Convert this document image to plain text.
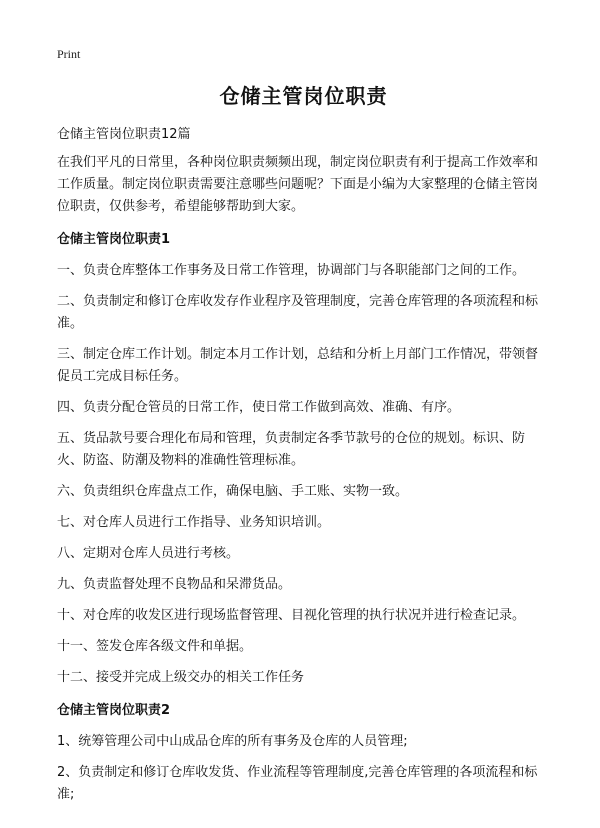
Print

仓储主管岗位职责

仓储主管岗位职责12篇

在我们平凡的日常里，各种岗位职责频频出现，制定岗位职责有利于提高工作效率和工作质量。制定岗位职责需要注意哪些问题呢？下面是小编为大家整理的仓储主管岗位职责，仅供参考，希望能够帮助到大家。

仓储主管岗位职责1
一、负责仓库整体工作事务及日常工作管理，协调部门与各职能部门之间的工作。
二、负责制定和修订仓库收发存作业程序及管理制度，完善仓库管理的各项流程和标准。
三、制定仓库工作计划。制定本月工作计划，总结和分析上月部门工作情况，带领督促员工完成目标任务。
四、负责分配仓管员的日常工作，使日常工作做到高效、准确、有序。
五、货品款号要合理化布局和管理，负责制定各季节款号的仓位的规划。标识、防火、防盗、防潮及物料的准确性管理标准。
六、负责组织仓库盘点工作，确保电脑、手工账、实物一致。
七、对仓库人员进行工作指导、业务知识培训。
八、定期对仓库人员进行考核。
九、负责监督处理不良物品和呆滞货品。
十、对仓库的收发区进行现场监督管理、目视化管理的执行状况并进行检查记录。
十一、签发仓库各级文件和单据。
十二、接受并完成上级交办的相关工作任务
仓储主管岗位职责2
1、统筹管理公司中山成品仓库的所有事务及仓库的人员管理;
2、负责制定和修订仓库收发货、作业流程等管理制度,完善仓库管理的各项流程和标准;
